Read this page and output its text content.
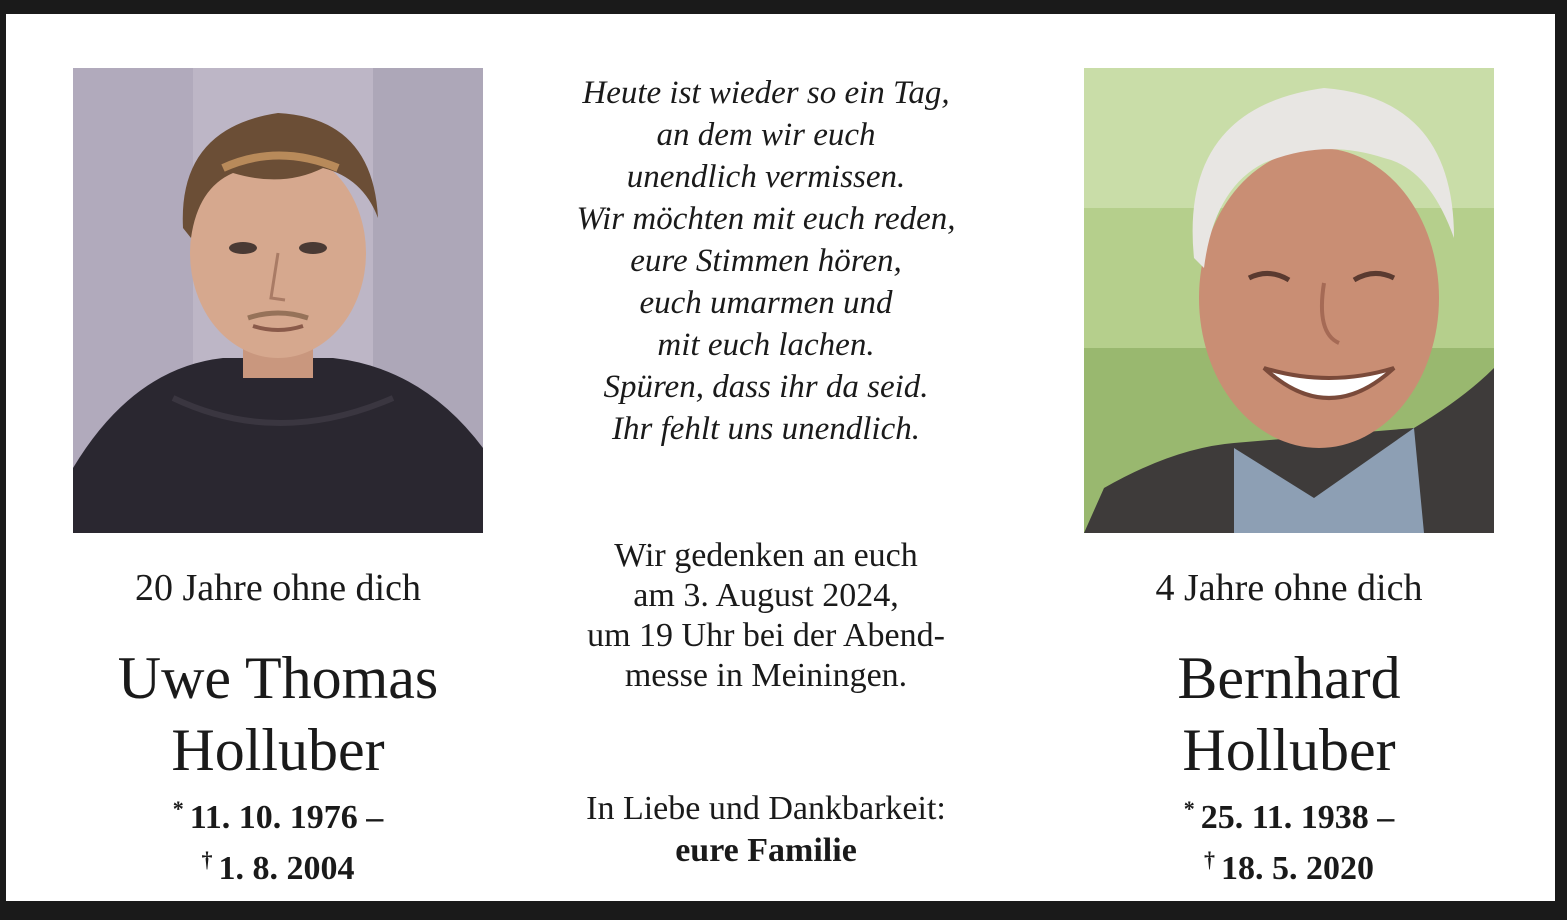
20 Jahre ohne dich
Uwe Thomas
Holluber
* 11. 10. 1976 –
† 1. 8. 2004
Heute ist wieder so ein Tag,
an dem wir euch
unendlich vermissen.
Wir möchten mit euch reden,
eure Stimmen hören,
euch umarmen und
mit euch lachen.
Spüren, dass ihr da seid.
Ihr fehlt uns unendlich.
Wir gedenken an euch
am 3. August 2024,
um 19 Uhr bei der Abend-
messe in Meiningen.
In Liebe und Dankbarkeit:
eure Familie
4 Jahre ohne dich
Bernhard
Holluber
* 25. 11. 1938 –
† 18. 5. 2020
